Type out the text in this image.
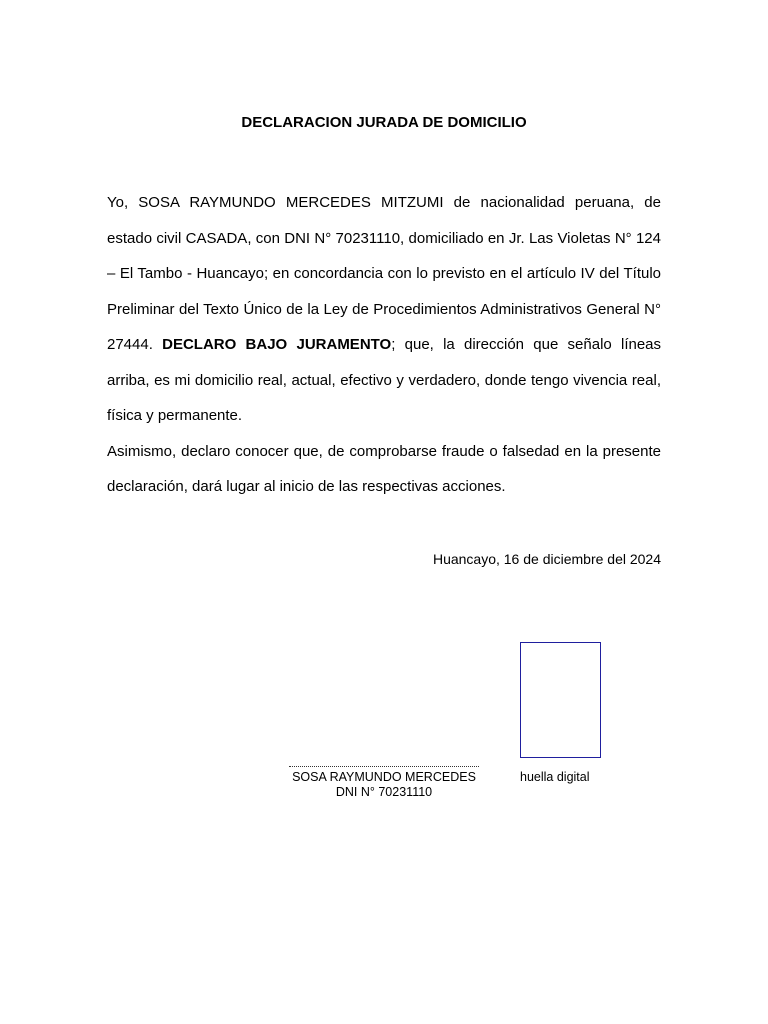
DECLARACION JURADA DE DOMICILIO

Yo, SOSA RAYMUNDO MERCEDES MITZUMI de nacionalidad peruana, de estado civil CASADA, con DNI N° 70231110, domiciliado en Jr. Las Violetas N° 124 – El Tambo - Huancayo; en concordancia con lo previsto en el artículo IV del Título Preliminar del Texto Único de la Ley de Procedimientos Administrativos General N° 27444. DECLARO BAJO JURAMENTO; que, la dirección que señalo líneas arriba, es mi domicilio real, actual, efectivo y verdadero, donde tengo vivencia real, física y permanente.

Asimismo, declaro conocer que, de comprobarse fraude o falsedad en la presente declaración, dará lugar al inicio de las respectivas acciones.

Huancayo, 16 de diciembre del 2024
SOSA RAYMUNDO MERCEDES
DNI N° 70231110
huella digital
